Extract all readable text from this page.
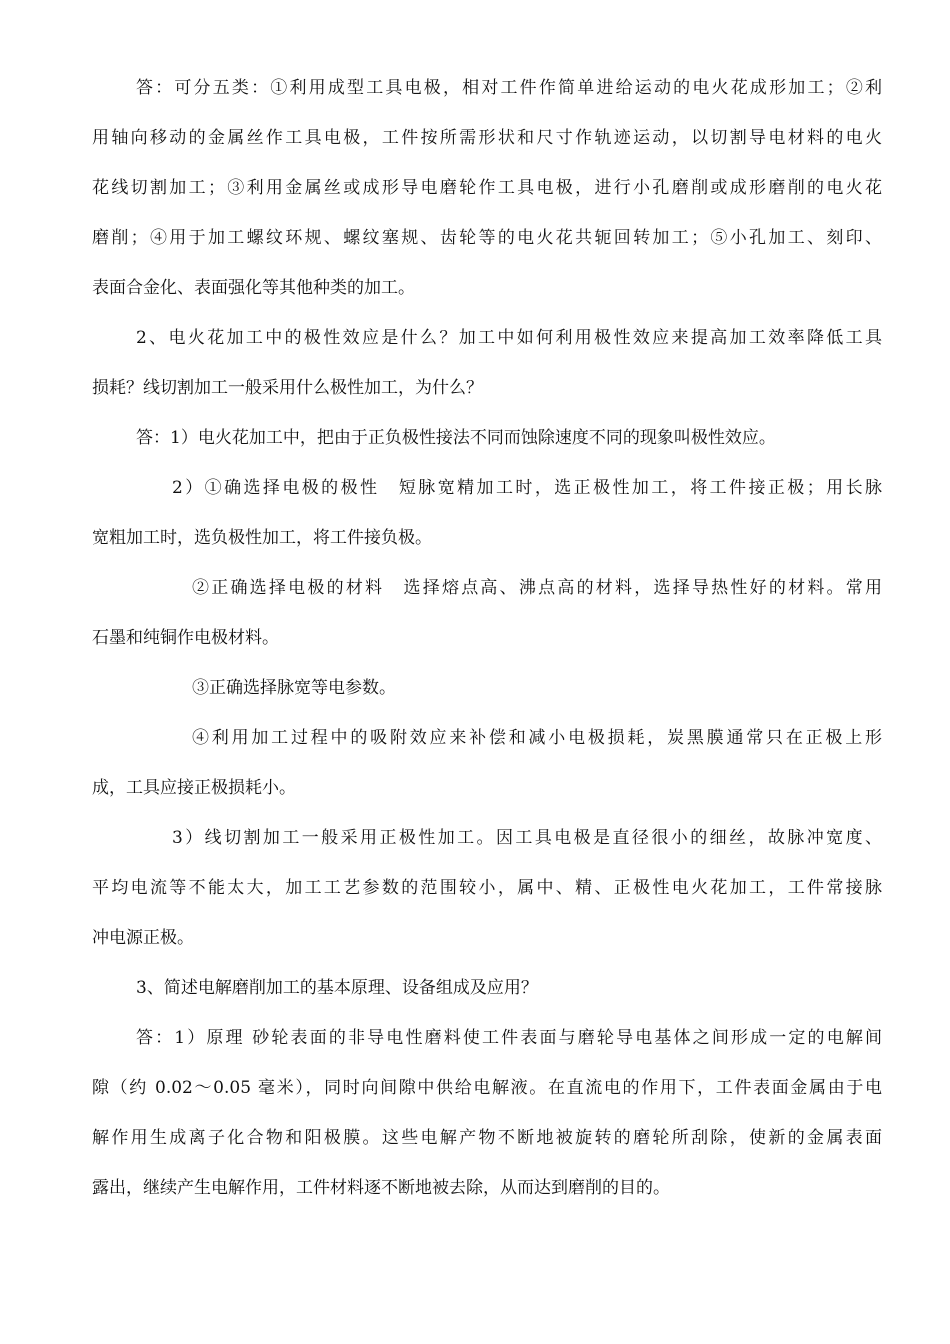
答：可分五类：①利用成型工具电极，相对工件作简单进给运动的电火花成形加工；②利
用轴向移动的金属丝作工具电极，工件按所需形状和尺寸作轨迹运动，以切割导电材料的电火
花线切割加工；③利用金属丝或成形导电磨轮作工具电极，进行小孔磨削或成形磨削的电火花
磨削；④用于加工螺纹环规、螺纹塞规、齿轮等的电火花共轭回转加工；⑤小孔加工、刻印、
表面合金化、表面强化等其他种类的加工。
2、电火花加工中的极性效应是什么？加工中如何利用极性效应来提高加工效率降低工具
损耗？线切割加工一般采用什么极性加工，为什么？
答：1）电火花加工中，把由于正负极性接法不同而蚀除速度不同的现象叫极性效应。
2）①确选择电极的极性　短脉宽精加工时，选正极性加工，将工件接正极；用长脉
宽粗加工时，选负极性加工，将工件接负极。
②正确选择电极的材料　选择熔点高、沸点高的材料，选择导热性好的材料。常用
石墨和纯铜作电极材料。
③正确选择脉宽等电参数。
④利用加工过程中的吸附效应来补偿和减小电极损耗，炭黑膜通常只在正极上形
成，工具应接正极损耗小。
3）线切割加工一般采用正极性加工。因工具电极是直径很小的细丝，故脉冲宽度、
平均电流等不能太大，加工工艺参数的范围较小，属中、精、正极性电火花加工，工件常接脉
冲电源正极。
3、简述电解磨削加工的基本原理、设备组成及应用？
答：1）原理 砂轮表面的非导电性磨料使工件表面与磨轮导电基体之间形成一定的电解间
隙（约 0.02～0.05 毫米），同时向间隙中供给电解液。在直流电的作用下，工件表面金属由于电
解作用生成离子化合物和阳极膜。这些电解产物不断地被旋转的磨轮所刮除，使新的金属表面
露出，继续产生电解作用，工件材料逐不断地被去除，从而达到磨削的目的。
